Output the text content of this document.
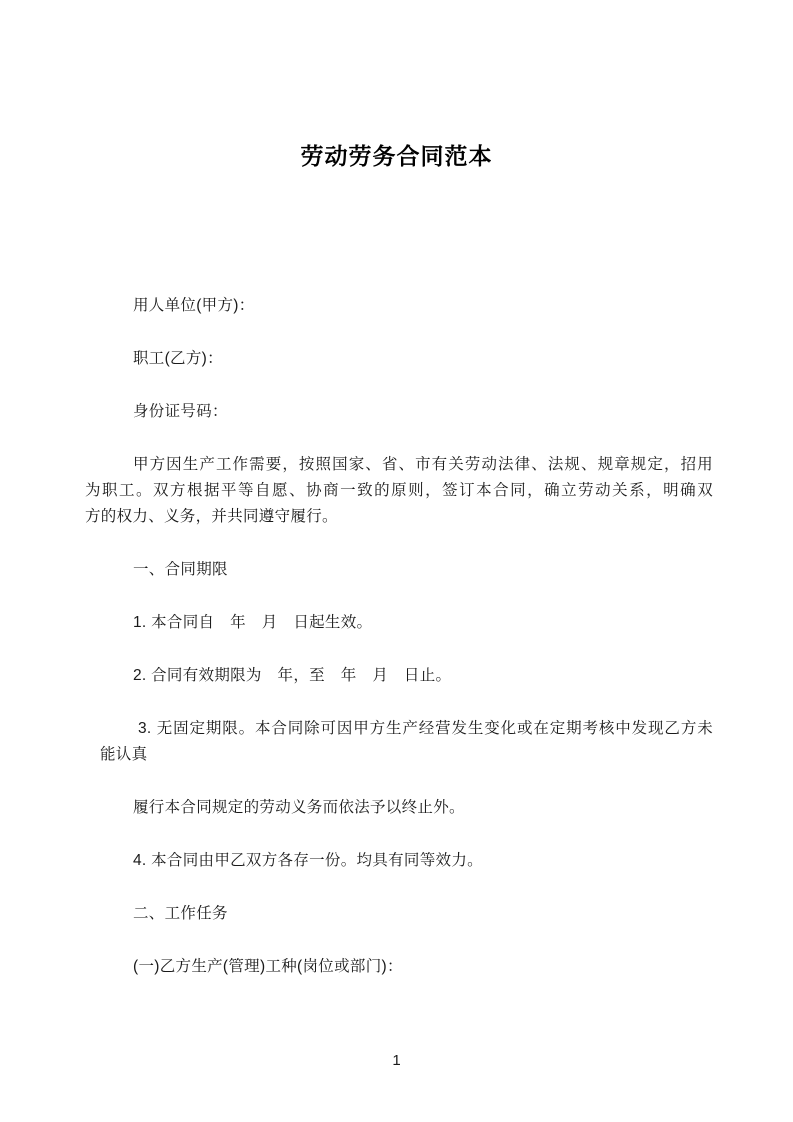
劳动劳务合同范本

用人单位(甲方)：

职工(乙方)：

身份证号码：

甲方因生产工作需要，按照国家、省、市有关劳动法律、法规、规章规定，招用

为职工。双方根据平等自愿、协商一致的原则，签订本合同，确立劳动关系，明确双

方的权力、义务，并共同遵守履行。

一、合同期限

1. 本合同自　年　月　日起生效。

2. 合同有效期限为　年，至　年　月　日止。

3. 无固定期限。本合同除可因甲方生产经营发生变化或在定期考核中发现乙方未

能认真

履行本合同规定的劳动义务而依法予以终止外。

4. 本合同由甲乙双方各存一份。均具有同等效力。

二、工作任务

(一)乙方生产(管理)工种(岗位或部门)：

1
